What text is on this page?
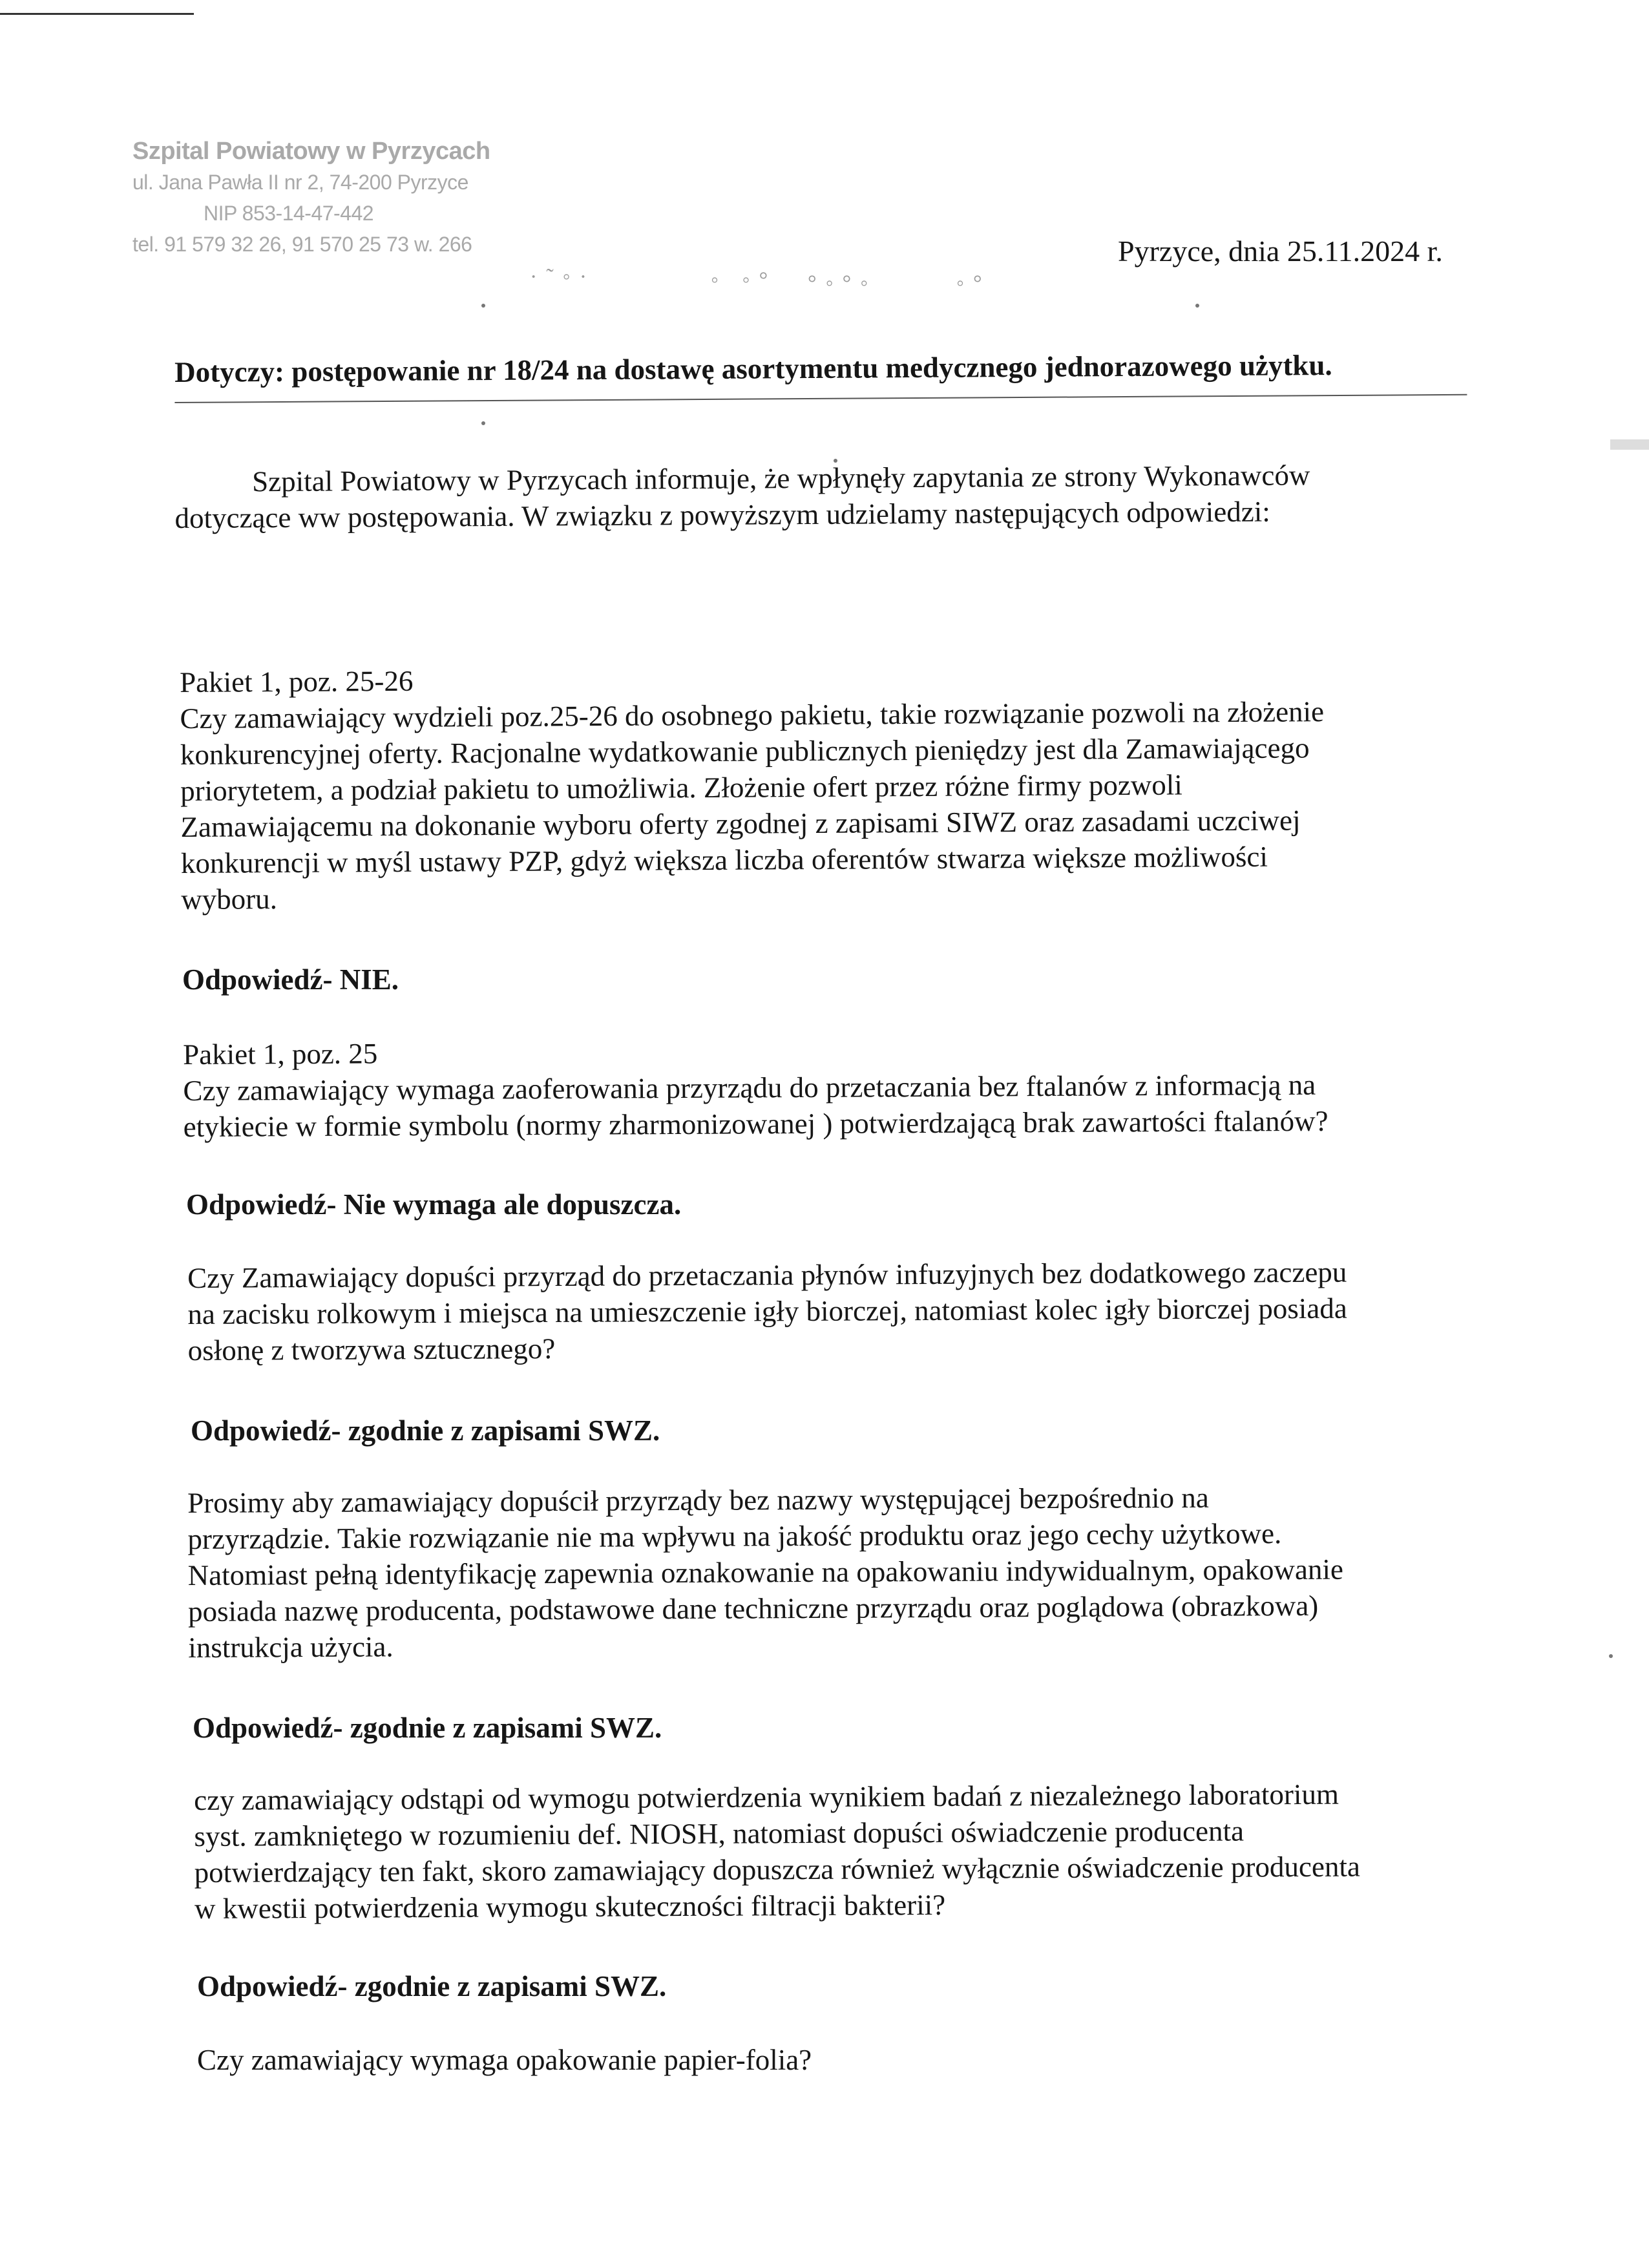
Szpital Powiatowy w Pyrzycach
ul. Jana Pawła II nr 2, 74-200 Pyrzyce
NIP 853-14-47-442
tel. 91 579 32 26, 91 570 25 73 w. 266	Pyrzyce, dnia 25.11.2024 r.
·˜◦·	◦ ◦° °◦°◦	◦°
Dotyczy: postępowanie nr 18/24 na dostawę asortymentu medycznego jednorazowego użytku.

Szpital Powiatowy w Pyrzycach informuje, że wpłynęły zapytania ze strony Wykonawców

dotyczące ww postępowania. W związku z powyższym udzielamy następujących odpowiedzi:

Pakiet 1, poz. 25-26

Czy zamawiający wydzieli poz.25-26 do osobnego pakietu, takie rozwiązanie pozwoli na złożenie

konkurencyjnej oferty. Racjonalne wydatkowanie publicznych pieniędzy jest dla Zamawiającego

priorytetem, a podział pakietu to umożliwia. Złożenie ofert przez różne firmy pozwoli

Zamawiającemu na dokonanie wyboru oferty zgodnej z zapisami SIWZ oraz zasadami uczciwej

konkurencji w myśl ustawy PZP, gdyż większa liczba oferentów stwarza większe możliwości

wyboru.

Odpowiedź- NIE.

Pakiet 1, poz. 25

Czy zamawiający wymaga zaoferowania przyrządu do przetaczania bez ftalanów z informacją na

etykiecie w formie symbolu (normy zharmonizowanej ) potwierdzającą brak zawartości ftalanów?

Odpowiedź- Nie wymaga ale dopuszcza.

Czy Zamawiający dopuści przyrząd do przetaczania płynów infuzyjnych bez dodatkowego zaczepu

na zacisku rolkowym i miejsca na umieszczenie igły biorczej, natomiast kolec igły biorczej posiada

osłonę z tworzywa sztucznego?

Odpowiedź- zgodnie z zapisami SWZ.

Prosimy aby zamawiający dopuścił przyrządy bez nazwy występującej bezpośrednio na

przyrządzie. Takie rozwiązanie nie ma wpływu na jakość produktu oraz jego cechy użytkowe.

Natomiast pełną identyfikację zapewnia oznakowanie na opakowaniu indywidualnym, opakowanie

posiada nazwę producenta, podstawowe dane techniczne przyrządu oraz poglądowa (obrazkowa)

instrukcja użycia.

Odpowiedź- zgodnie z zapisami SWZ.

czy zamawiający odstąpi od wymogu potwierdzenia wynikiem badań z niezależnego laboratorium

syst. zamkniętego w rozumieniu def. NIOSH, natomiast dopuści oświadczenie producenta

potwierdzający ten fakt, skoro zamawiający dopuszcza również wyłącznie oświadczenie producenta

w kwestii potwierdzenia wymogu skuteczności filtracji bakterii?

Odpowiedź- zgodnie z zapisami SWZ.

Czy zamawiający wymaga opakowanie papier-folia?
